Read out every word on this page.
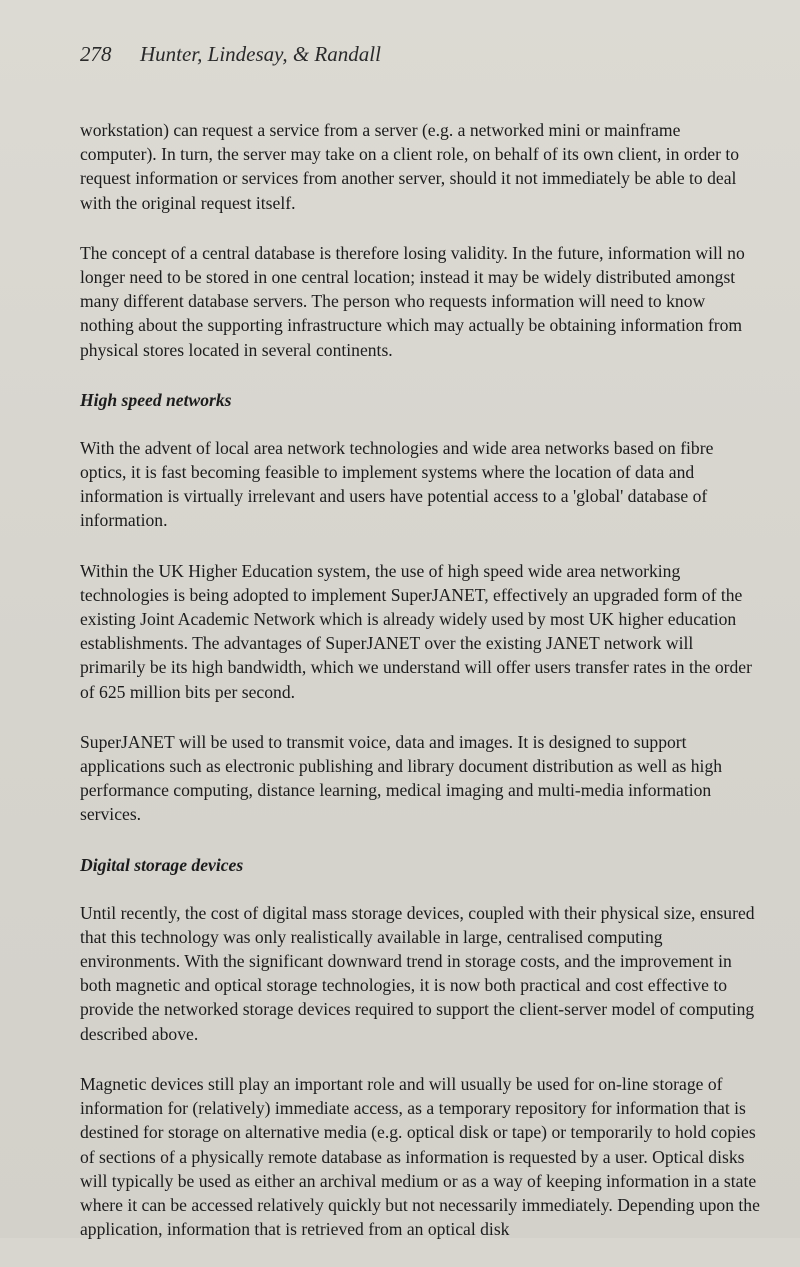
278 Hunter, Lindesay, & Randall

workstation) can request a service from a server (e.g. a networked mini or mainframe computer). In turn, the server may take on a client role, on behalf of its own client, in order to request information or services from another server, should it not immediately be able to deal with the original request itself.

The concept of a central database is therefore losing validity. In the future, information will no longer need to be stored in one central location; instead it may be widely distributed amongst many different database servers. The person who requests information will need to know nothing about the supporting infrastructure which may actually be obtaining information from physical stores located in several continents.

High speed networks

With the advent of local area network technologies and wide area networks based on fibre optics, it is fast becoming feasible to implement systems where the location of data and information is virtually irrelevant and users have potential access to a 'global' database of information.

Within the UK Higher Education system, the use of high speed wide area networking technologies is being adopted to implement SuperJANET, effectively an upgraded form of the existing Joint Academic Network which is already widely used by most UK higher education establishments. The advantages of SuperJANET over the existing JANET network will primarily be its high bandwidth, which we understand will offer users transfer rates in the order of 625 million bits per second.

SuperJANET will be used to transmit voice, data and images. It is designed to support applications such as electronic publishing and library document distribution as well as high performance computing, distance learning, medical imaging and multi-media information services.

Digital storage devices

Until recently, the cost of digital mass storage devices, coupled with their physical size, ensured that this technology was only realistically available in large, centralised computing environments. With the significant downward trend in storage costs, and the improvement in both magnetic and optical storage technologies, it is now both practical and cost effective to provide the networked storage devices required to support the client-server model of computing described above.

Magnetic devices still play an important role and will usually be used for on-line storage of information for (relatively) immediate access, as a temporary repository for information that is destined for storage on alternative media (e.g. optical disk or tape) or temporarily to hold copies of sections of a physically remote database as information is requested by a user. Optical disks will typically be used as either an archival medium or as a way of keeping information in a state where it can be accessed relatively quickly but not necessarily immediately. Depending upon the application, information that is retrieved from an optical disk
